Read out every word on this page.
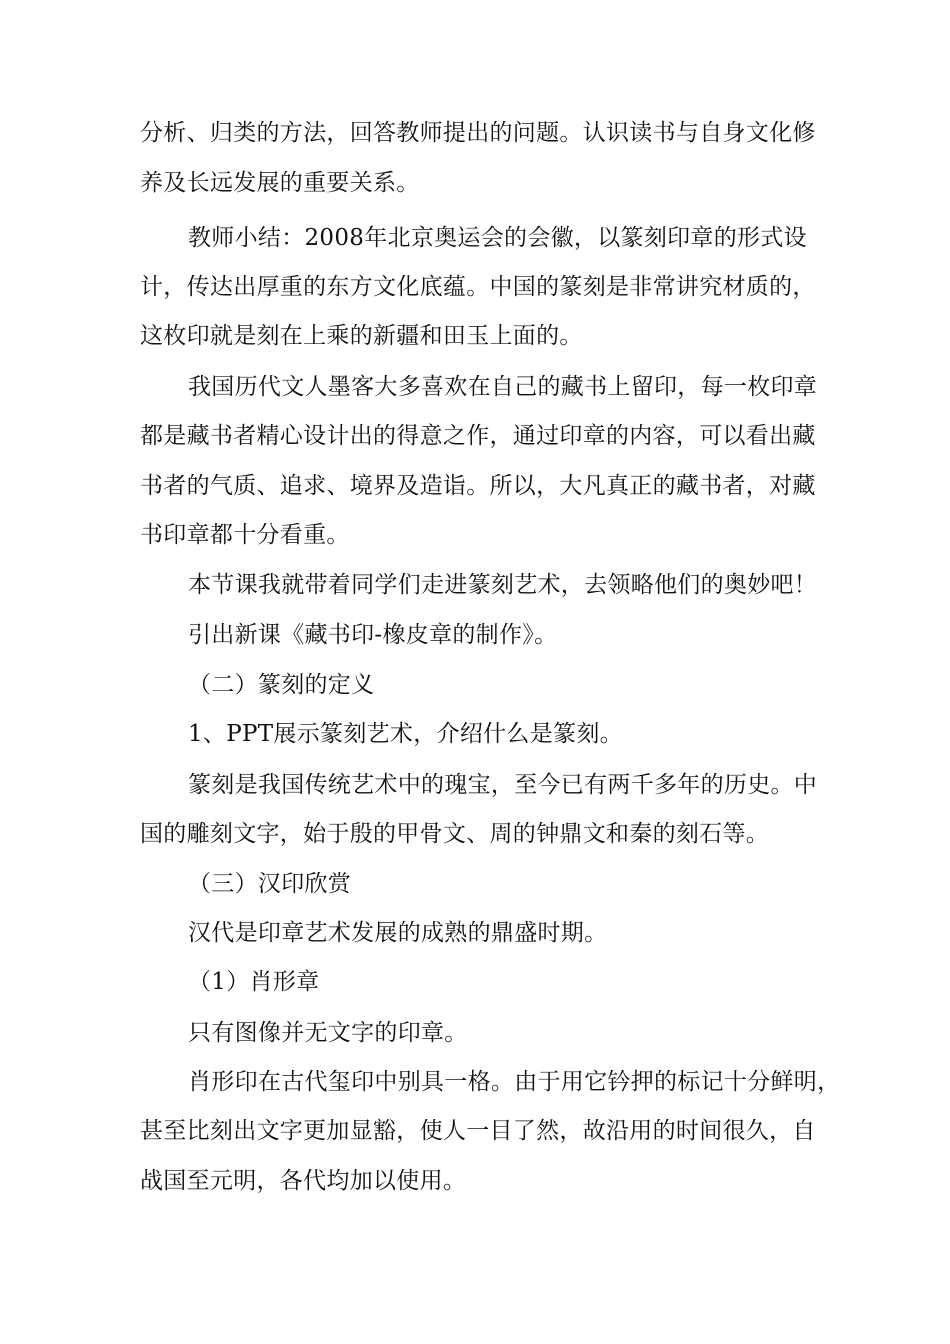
分析、归类的方法，回答教师提出的问题。认识读书与自身文化修
养及长远发展的重要关系。
教师小结：2008年北京奥运会的会徽，以篆刻印章的形式设
计，传达出厚重的东方文化底蕴。中国的篆刻是非常讲究材质的，
这枚印就是刻在上乘的新疆和田玉上面的。
我国历代文人墨客大多喜欢在自己的藏书上留印，每一枚印章
都是藏书者精心设计出的得意之作，通过印章的内容，可以看出藏
书者的气质、追求、境界及造诣。所以，大凡真正的藏书者，对藏
书印章都十分看重。
本节课我就带着同学们走进篆刻艺术，去领略他们的奥妙吧！
引出新课《藏书印-橡皮章的制作》。
（二）篆刻的定义
1、PPT展示篆刻艺术，介绍什么是篆刻。
篆刻是我国传统艺术中的瑰宝，至今已有两千多年的历史。中
国的雕刻文字，始于殷的甲骨文、周的钟鼎文和秦的刻石等。
（三）汉印欣赏
汉代是印章艺术发展的成熟的鼎盛时期。
（1）肖形章
只有图像并无文字的印章。
肖形印在古代玺印中别具一格。由于用它钤押的标记十分鲜明，
甚至比刻出文字更加显豁，使人一目了然，故沿用的时间很久，自
战国至元明，各代均加以使用。
